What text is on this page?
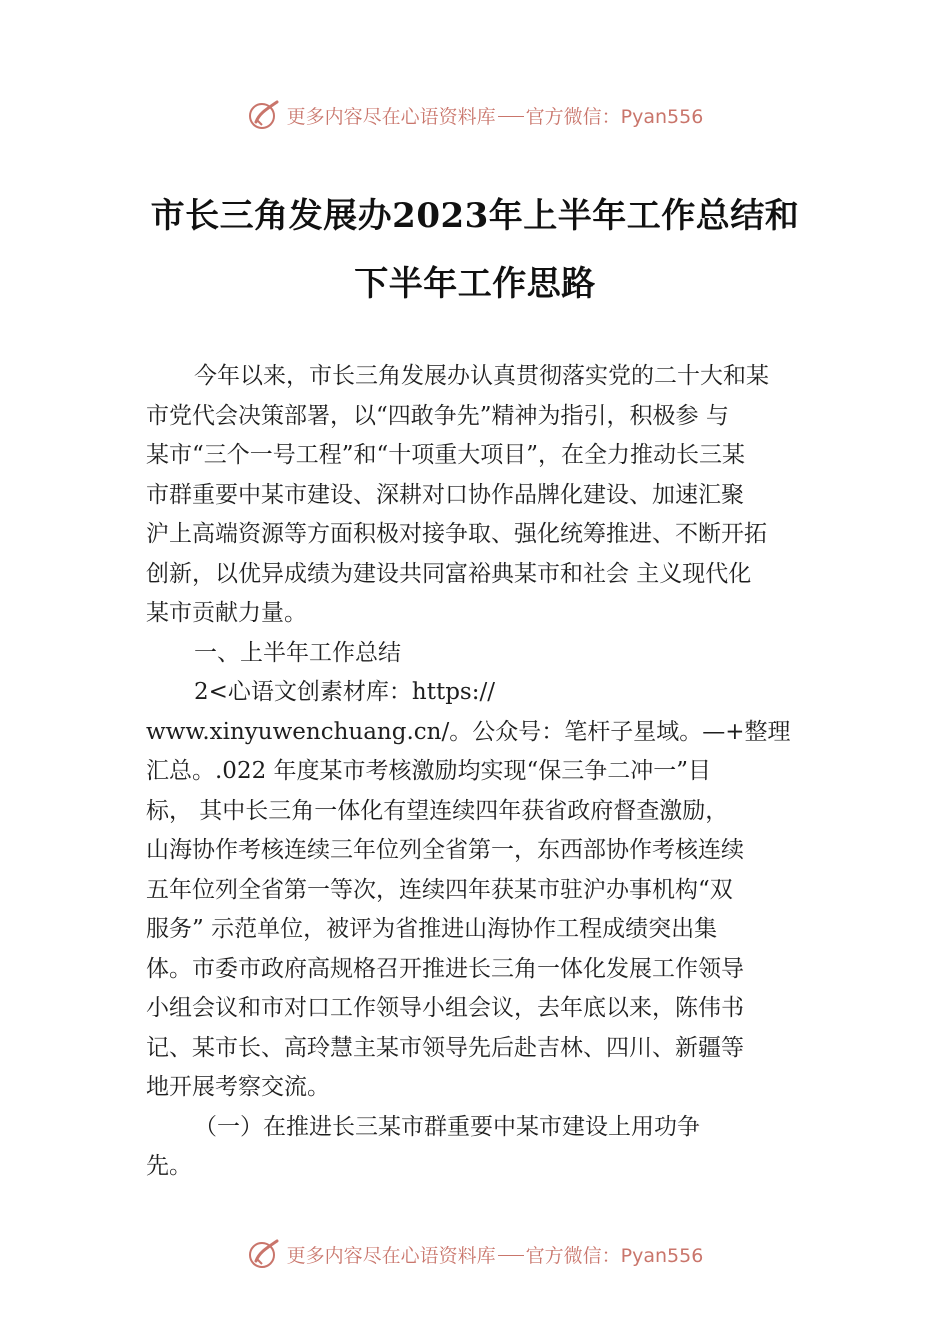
更多内容尽在心语资料库 官方微信：Pyan556
市长三角发展办2023年上半年工作总结和
下半年工作思路
今年以来，市长三角发展办认真贯彻落实党的二十大和某
市党代会决策部署，以“四敢争先”精神为指引，积极参 与
某市“三个一号工程”和“十项重大项目”，在全力推动长三某
市群重要中某市建设、深耕对口协作品牌化建设、加速汇聚
沪上高端资源等方面积极对接争取、强化统筹推进、不断开拓
创新，以优异成绩为建设共同富裕典某市和社会 主义现代化
某市贡献力量。
一、上半年工作总结
2<心语文创素材库：https://
www.xinyuwenchuang.cn/。公众号：笔杆子星域。—+整理
汇总。.022 年度某市考核激励均实现“保三争二冲一”目
标， 其中长三角一体化有望连续四年获省政府督查激励，
山海协作考核连续三年位列全省第一，东西部协作考核连续
五年位列全省第一等次，连续四年获某市驻沪办事机构“双
服务” 示范单位，被评为省推进山海协作工程成绩突出集
体。市委市政府高规格召开推进长三角一体化发展工作领导
小组会议和市对口工作领导小组会议，去年底以来，陈伟书
记、某市长、高玲慧主某市领导先后赴吉林、四川、新疆等
地开展考察交流。
（一）在推进长三某市群重要中某市建设上用功争
先。
更多内容尽在心语资料库 官方微信：Pyan556
